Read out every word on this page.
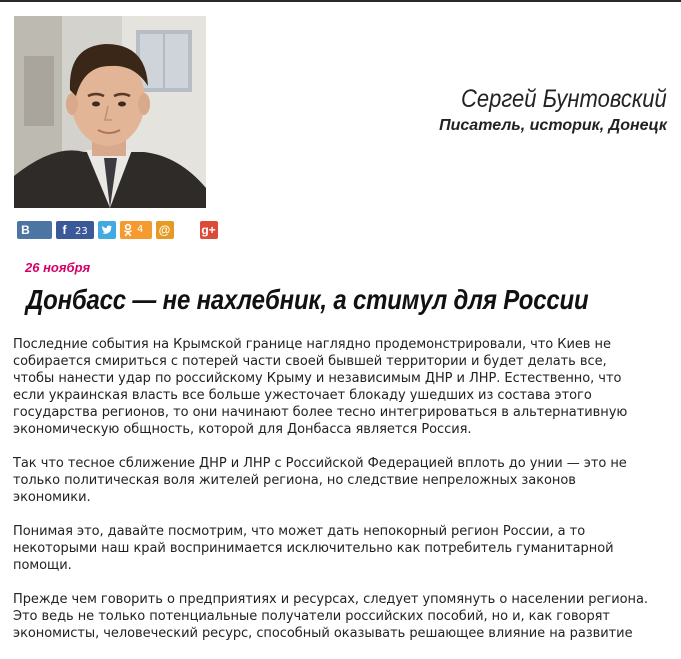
Сергей Бунтовский
Писатель, историк, Донецк
В31
f 23	4	@	g+
26 ноября
Донбасс — не нахлебник, а стимул для России

Последние события на Крымской границе наглядно продемонстрировали, что Киев не
собирается смириться с потерей части своей бывшей территории и будет делать все,
чтобы нанести удар по российскому Крыму и независимым ДНР и ЛНР. Естественно, что
если украинская власть все больше ужесточает блокаду ушедших из состава этого
государства регионов, то они начинают более тесно интегрироваться в альтернативную
экономическую общность, которой для Донбасса является Россия.

Так что тесное сближение ДНР и ЛНР с Российской Федерацией вплоть до унии — это не
только политическая воля жителей региона, но следствие непреложных законов
экономики.

Понимая это, давайте посмотрим, что может дать непокорный регион России, а то
некоторыми наш край воспринимается исключительно как потребитель гуманитарной
помощи.

Прежде чем говорить о предприятиях и ресурсах, следует упомянуть о населении региона.
Это ведь не только потенциальные получатели российских пособий, но и, как говорят
экономисты, человеческий ресурс, способный оказывать решающее влияние на развитие
